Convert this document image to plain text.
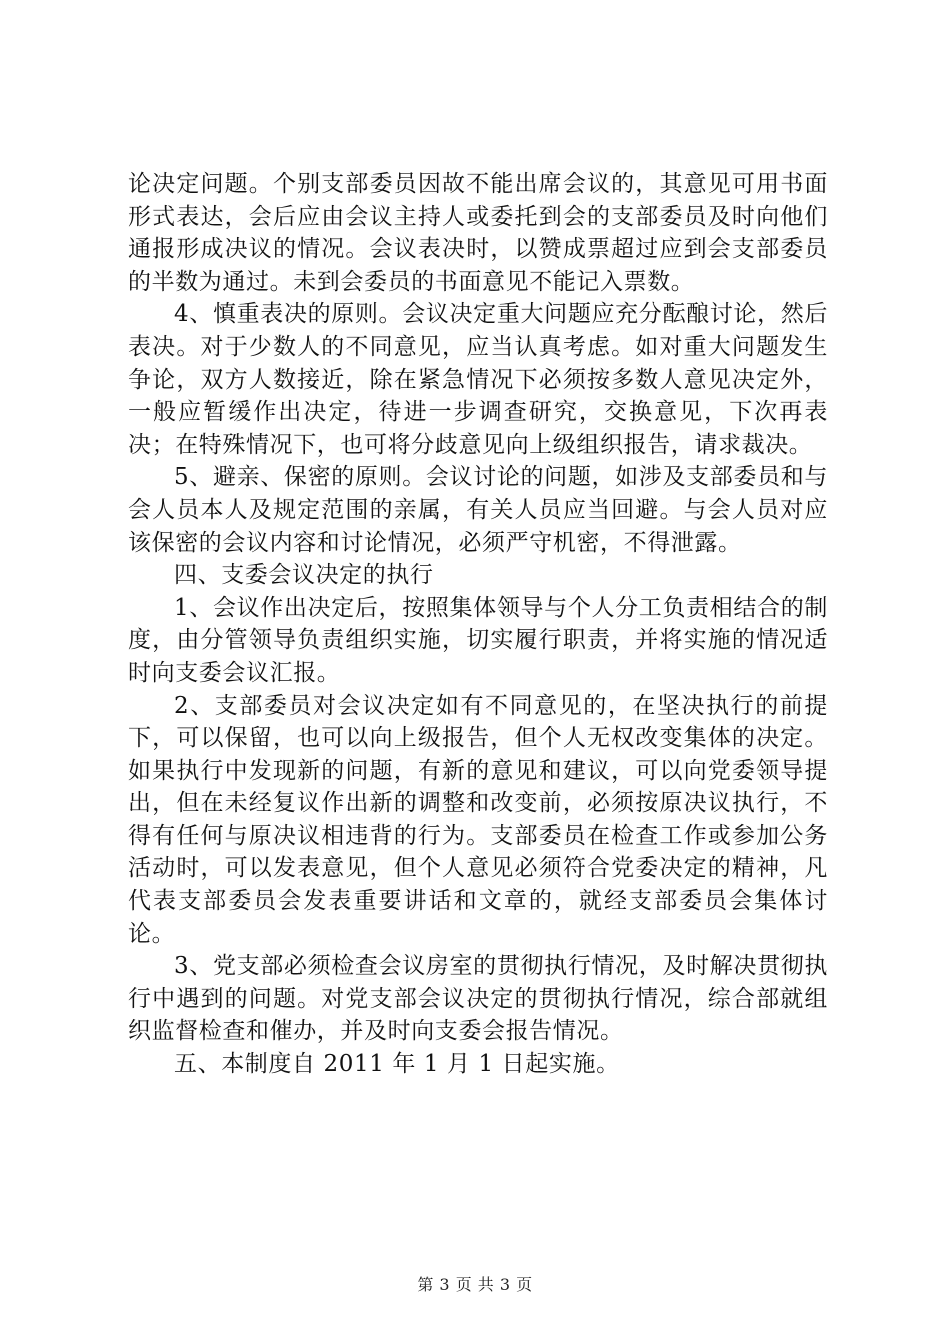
论决定问题。个别支部委员因故不能出席会议的，其意见可用书面形式表达，会后应由会议主持人或委托到会的支部委员及时向他们通报形成决议的情况。会议表决时，以赞成票超过应到会支部委员的半数为通过。未到会委员的书面意见不能记入票数。

4、慎重表决的原则。会议决定重大问题应充分酝酿讨论，然后表决。对于少数人的不同意见，应当认真考虑。如对重大问题发生争论，双方人数接近，除在紧急情况下必须按多数人意见决定外，一般应暂缓作出决定，待进一步调查研究，交换意见，下次再表决；在特殊情况下，也可将分歧意见向上级组织报告，请求裁决。

5、避亲、保密的原则。会议讨论的问题，如涉及支部委员和与会人员本人及规定范围的亲属，有关人员应当回避。与会人员对应该保密的会议内容和讨论情况，必须严守机密，不得泄露。

四、支委会议决定的执行

1、会议作出决定后，按照集体领导与个人分工负责相结合的制度，由分管领导负责组织实施，切实履行职责，并将实施的情况适时向支委会议汇报。

2、支部委员对会议决定如有不同意见的，在坚决执行的前提下，可以保留，也可以向上级报告，但个人无权改变集体的决定。如果执行中发现新的问题，有新的意见和建议，可以向党委领导提出，但在未经复议作出新的调整和改变前，必须按原决议执行，不得有任何与原决议相违背的行为。支部委员在检查工作或参加公务活动时，可以发表意见，但个人意见必须符合党委决定的精神，凡代表支部委员会发表重要讲话和文章的，就经支部委员会集体讨论。

3、党支部必须检查会议房室的贯彻执行情况，及时解决贯彻执行中遇到的问题。对党支部会议决定的贯彻执行情况，综合部就组织监督检查和催办，并及时向支委会报告情况。

五、本制度自 2011 年 1 月 1 日起实施。

第 3 页 共 3 页
